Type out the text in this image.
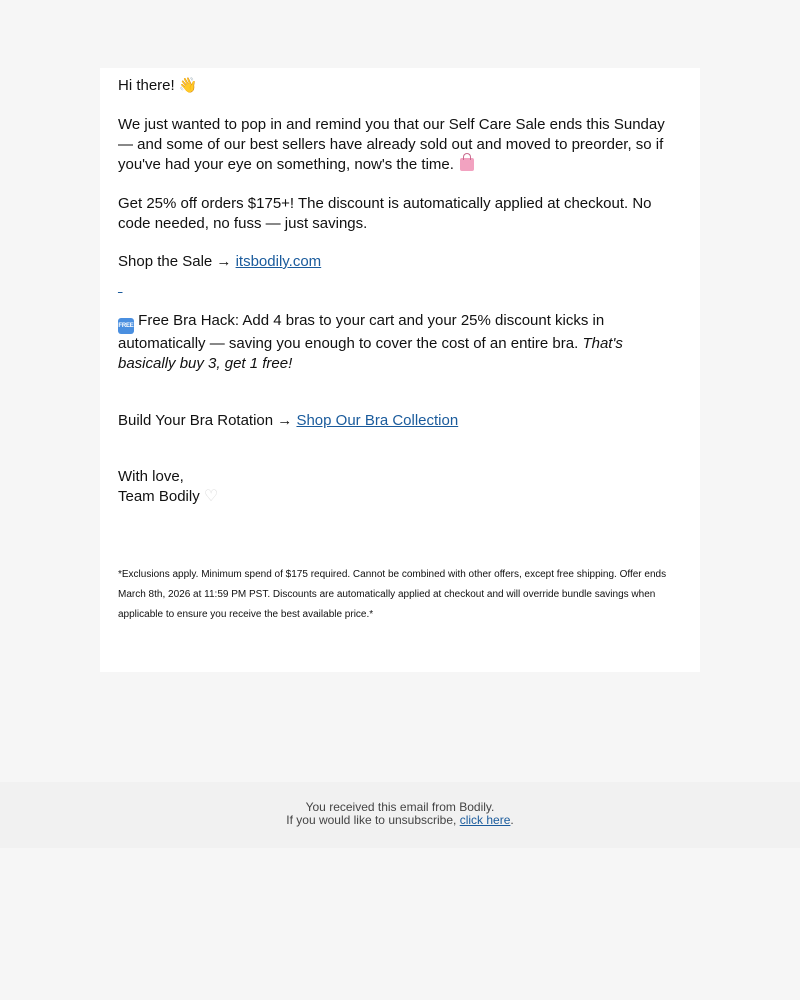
Hi there! 👋

We just wanted to pop in and remind you that our Self Care Sale ends this Sunday — and some of our best sellers have already sold out and moved to preorder, so if you've had your eye on something, now's the time.

Get 25% off orders $175+! The discount is automatically applied at checkout. No code needed, no fuss — just savings.

Shop the Sale → itsbodily.com

_

FREE Free Bra Hack: Add 4 bras to your cart and your 25% discount kicks in automatically — saving you enough to cover the cost of an entire bra. That's basically buy 3, get 1 free!

Build Your Bra Rotation → Shop Our Bra Collection

With love,
Team Bodily ♡

*Exclusions apply. Minimum spend of $175 required. Cannot be combined with other offers, except free shipping. Offer ends March 8th, 2026 at 11:59 PM PST. Discounts are automatically applied at checkout and will override bundle savings when applicable to ensure you receive the best available price.*

You received this email from Bodily.
If you would like to unsubscribe, click here.
